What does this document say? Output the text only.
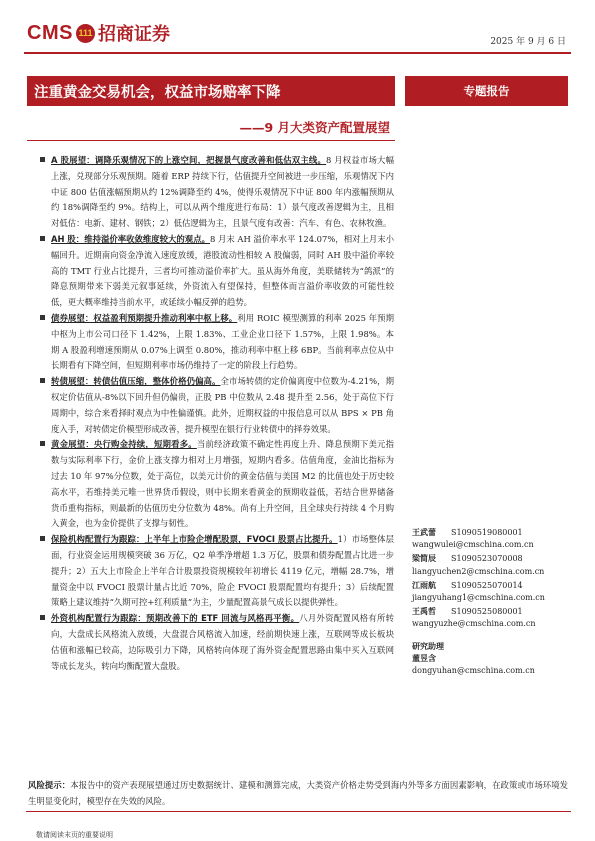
CMS 111 招商证券	2025 年 9 月 6 日
注重黄金交易机会，权益市场赔率下降
——9 月大类资产配置展望
专题报告

A 股展望：调降乐观情况下的上涨空间，把握景气度改善和低估双主线。8 月权益市场大幅上涨，兑现部分乐观预期。随着 ERP 持续下行，估值提升空间被进一步压缩，乐观情况下内中证 800 估值涨幅预期从约 12%调降至约 4%，使得乐观情况下中证 800 年内涨幅预期从约 18%调降至约 9%。结构上，可以从两个维度进行布局：1）景气度改善逻辑为主，且相对低估：电新、建材、钢铁；2）低估逻辑为主，且景气度有改善：汽车、有色、农林牧渔。

AH 股：维持溢价率收敛维度较大的观点。8 月末 AH 溢价率水平 124.07%，相对上月末小幅回升。近期南向资金净流入速度放缓，港股流动性相较 A 股偏弱，同时 AH 股中溢价率较高的 TMT 行业占比提升，三者均可推动溢价率扩大。虽从海外角度，美联储转为“鸽派”的降息预期带来下弱美元叙事延续，外资流入有望保持，但整体而言溢价率收敛的可能性较低，更大概率维持当前水平，或延续小幅反弹的趋势。

债券展望：权益盈利预期提升推动利率中枢上移。利用 ROIC 模型测算的利率 2025 年预期中枢为上市公司口径下 1.42%，上限 1.83%、工业企业口径下 1.57%，上限 1.98%。本期 A 股盈利增速预期从 0.07%上调至 0.80%，推动利率中枢上移 6BP。当前利率点位从中长期看有下降空间，但短期利率市场仍维持了一定的阶段上行趋势。

转债展望：转债估值压缩，整体价格仍偏高。全市场转债的定价偏离度中位数为-4.21%，期权定价估值从-8%以下回升但仍偏贵，正股 PB 中位数从 2.48 提升至 2.56，处于高位下行周期中，综合来看择时观点为中性偏谨慎。此外，近期权益的中报信息可以从 BPS × PB 角度入手，对转债定价模型形成改善，提升模型在银行行业转债中的择券效果。

黄金展望：央行购金持续，短期看多。当前经济政策不确定性再度上升、降息预期下美元指数与实际利率下行，金价上涨支撑力相对上月增强，短期内看多。估值角度，金油比指标为过去 10 年 97%分位数，处于高位，以美元计价的黄金估值与美国 M2 的比值也处于历史较高水平，若维持美元唯一世界货币假设，则中长期来看黄金的预期收益低，若结合世界储备货币重构指标，则最新的估值历史分位数为 48%。尚有上升空间，且全球央行持续 4 个月购入黄金，也为金价提供了支撑与韧性。

保险机构配置行为跟踪：上半年上市险企增配股票，FVOCI 股票占比提升。1）市场整体层面，行业资金运用规模突破 36 万亿，Q2 单季净增超 1.3 万亿，股票和债券配置占比进一步提升；2）五大上市险企上半年合计股票投资规模较年初增长 4119 亿元，增幅 28.7%，增量资金中以 FVOCI 股票计量占比近 70%，险企 FVOCI 股票配置均有提升；3）后续配置策略上建议维持“久期可控+红利质量”为主，少量配置高景气成长以提供弹性。

外资机构配置行为跟踪：预期改善下的 ETF 回流与风格再平衡。八月外资配置风格有所转向，大盘成长风格流入放缓，大盘混合风格流入加速，经前期快速上涨，互联网等成长板块估值和涨幅已较高，边际吸引力下降，风格转向体现了海外资金配置思路由集中买入互联网等成长龙头，转向均衡配置大盘股。

风险提示：本报告中的资产表现展望通过历史数据统计、建模和测算完成，大类资产价格走势受到海内外等多方面因素影响，在政策或市场环境发生明显变化时，模型存在失效的风险。
敬请阅读末页的重要说明
王武蕾 S1090519080001
wangwulei@cmschina.com.cn
梁简辰 S1090523070008
liangyuchen2@cmschina.com.cn
江雨航 S1090525070014
jiangyuhang1@cmschina.com.cn
王禹哲 S1090525080001
wangyuzhe@cmschina.com.cn
研究助理
董昱含
dongyuhan@cmschina.com.cn
